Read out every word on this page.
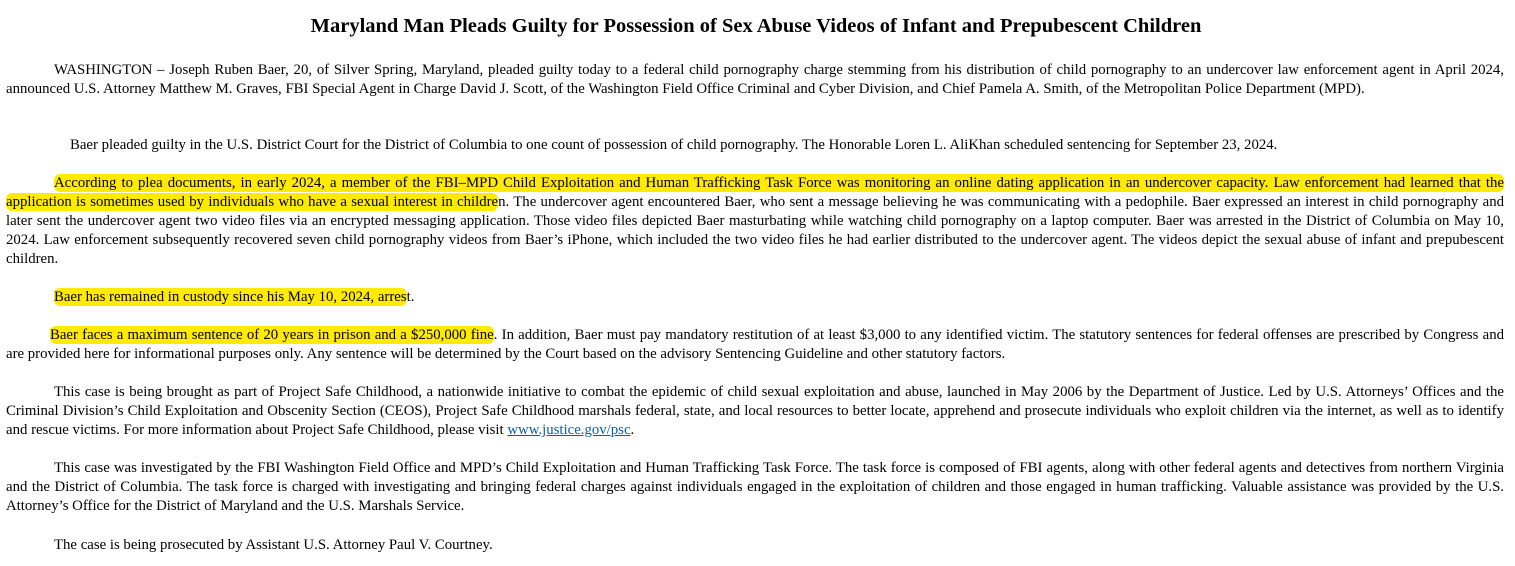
Maryland Man Pleads Guilty for Possession of Sex Abuse Videos of Infant and Prepubescent Children

WASHINGTON – Joseph Ruben Baer, 20, of Silver Spring, Maryland, pleaded guilty today to a federal child pornography charge stemming from his distribution of child pornography to an undercover law enforcement agent in April 2024, announced U.S. Attorney Matthew M. Graves, FBI Special Agent in Charge David J. Scott, of the Washington Field Office Criminal and Cyber Division, and Chief Pamela A. Smith, of the Metropolitan Police Department (MPD).

Baer pleaded guilty in the U.S. District Court for the District of Columbia to one count of possession of child pornography. The Honorable Loren L. AliKhan scheduled sentencing for September 23, 2024.

According to plea documents, in early 2024, a member of the FBI–MPD Child Exploitation and Human Trafficking Task Force was monitoring an online dating application in an undercover capacity. Law enforcement had learned that the application is sometimes used by individuals who have a sexual interest in children. The undercover agent encountered Baer, who sent a message believing he was communicating with a pedophile. Baer expressed an interest in child pornography and later sent the undercover agent two video files via an encrypted messaging application. Those video files depicted Baer masturbating while watching child pornography on a laptop computer. Baer was arrested in the District of Columbia on May 10, 2024. Law enforcement subsequently recovered seven child pornography videos from Baer’s iPhone, which included the two video files he had earlier distributed to the undercover agent. The videos depict the sexual abuse of infant and prepubescent children.

Baer has remained in custody since his May 10, 2024, arrest.

Baer faces a maximum sentence of 20 years in prison and a $250,000 fine. In addition, Baer must pay mandatory restitution of at least $3,000 to any identified victim. The statutory sentences for federal offenses are prescribed by Congress and are provided here for informational purposes only. Any sentence will be determined by the Court based on the advisory Sentencing Guideline and other statutory factors.

This case is being brought as part of Project Safe Childhood, a nationwide initiative to combat the epidemic of child sexual exploitation and abuse, launched in May 2006 by the Department of Justice. Led by U.S. Attorneys’ Offices and the Criminal Division’s Child Exploitation and Obscenity Section (CEOS), Project Safe Childhood marshals federal, state, and local resources to better locate, apprehend and prosecute individuals who exploit children via the internet, as well as to identify and rescue victims. For more information about Project Safe Childhood, please visit www.justice.gov/psc.

This case was investigated by the FBI Washington Field Office and MPD’s Child Exploitation and Human Trafficking Task Force. The task force is composed of FBI agents, along with other federal agents and detectives from northern Virginia and the District of Columbia. The task force is charged with investigating and bringing federal charges against individuals engaged in the exploitation of children and those engaged in human trafficking. Valuable assistance was provided by the U.S. Attorney’s Office for the District of Maryland and the U.S. Marshals Service.

The case is being prosecuted by Assistant U.S. Attorney Paul V. Courtney.
